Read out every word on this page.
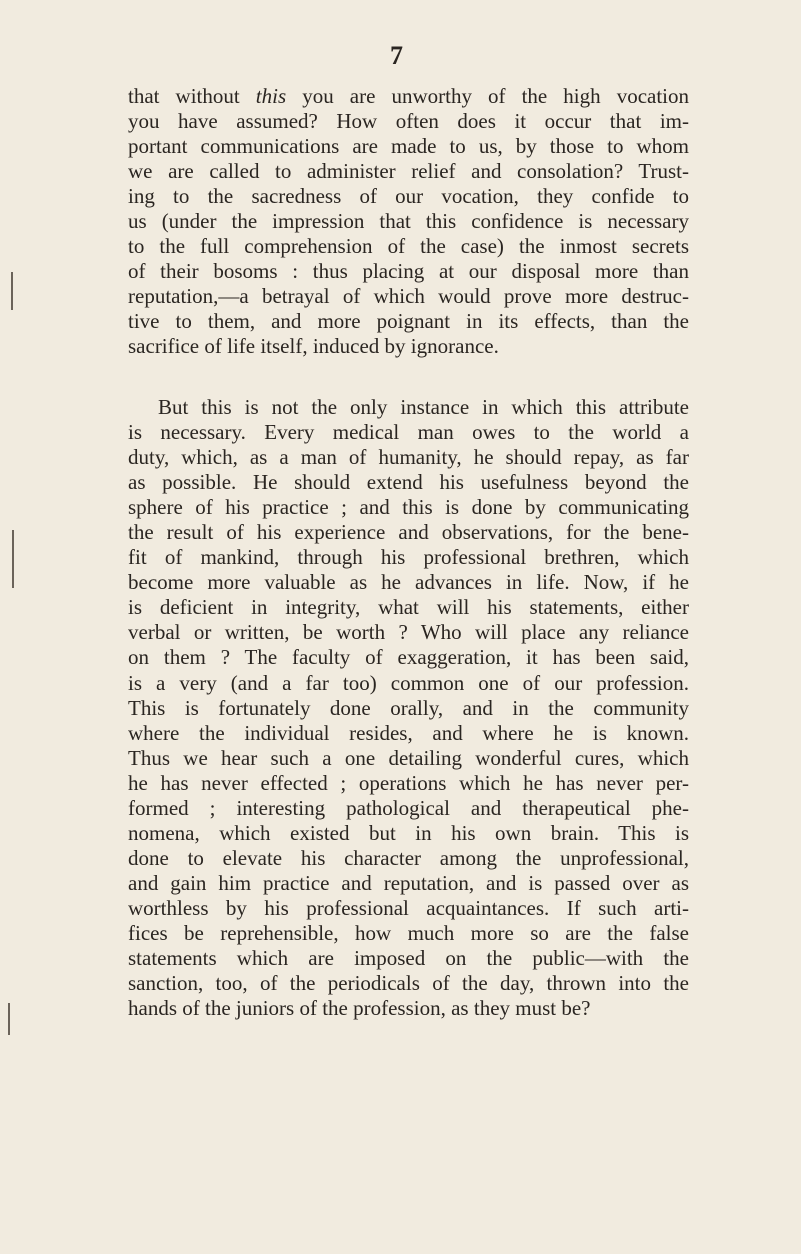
7
that without this you are unworthy of the high vocation
you have assumed? How often does it occur that im-
portant communications are made to us, by those to whom
we are called to administer relief and consolation? Trust-
ing to the sacredness of our vocation, they confide to
us (under the impression that this confidence is necessary
to the full comprehension of the case) the inmost secrets
of their bosoms : thus placing at our disposal more than
reputation,—a betrayal of which would prove more destruc-
tive to them, and more poignant in its effects, than the
sacrifice of life itself, induced by ignorance.
But this is not the only instance in which this attribute
is necessary. Every medical man owes to the world a
duty, which, as a man of humanity, he should repay, as far
as possible. He should extend his usefulness beyond the
sphere of his practice ; and this is done by communicating
the result of his experience and observations, for the bene-
fit of mankind, through his professional brethren, which
become more valuable as he advances in life. Now, if he
is deficient in integrity, what will his statements, either
verbal or written, be worth ? Who will place any reliance
on them ? The faculty of exaggeration, it has been said,
is a very (and a far too) common one of our profession.
This is fortunately done orally, and in the community
where the individual resides, and where he is known.
Thus we hear such a one detailing wonderful cures, which
he has never effected ; operations which he has never per-
formed ; interesting pathological and therapeutical phe-
nomena, which existed but in his own brain. This is
done to elevate his character among the unprofessional,
and gain him practice and reputation, and is passed over as
worthless by his professional acquaintances. If such arti-
fices be reprehensible, how much more so are the false
statements which are imposed on the public—with the
sanction, too, of the periodicals of the day, thrown into the
hands of the juniors of the profession, as they must be?
